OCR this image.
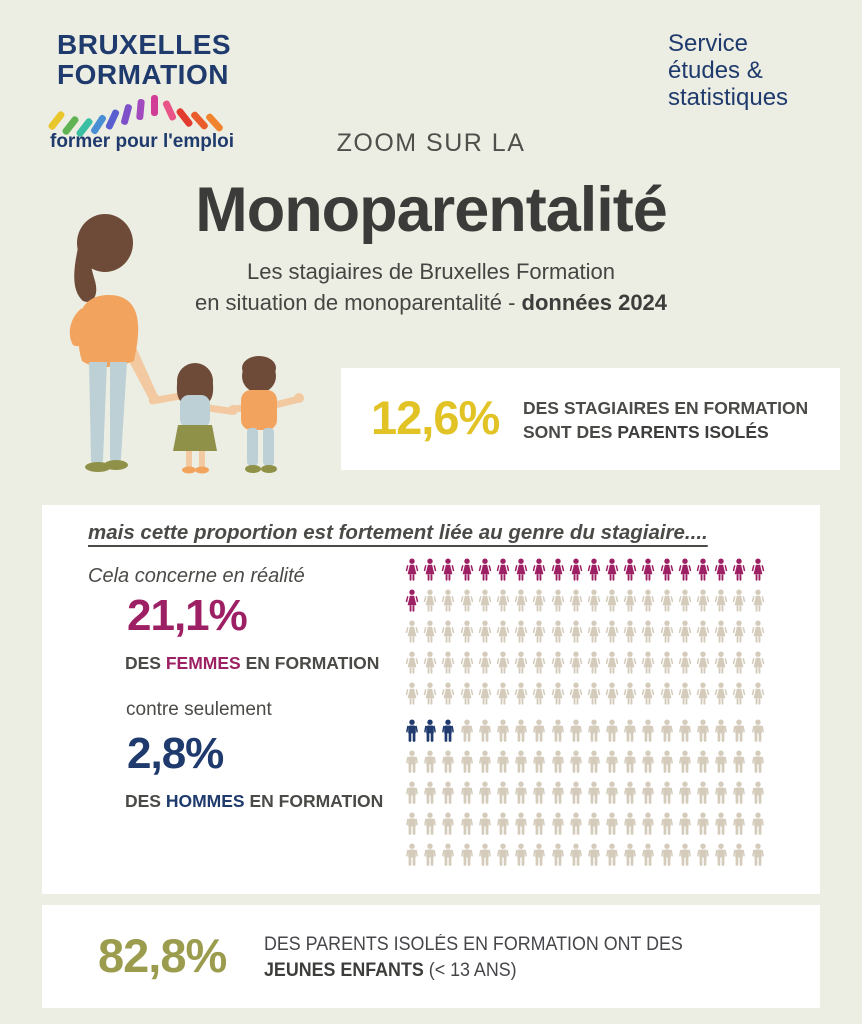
BRUXELLES
FORMATION
former pour l'emploi
Service
études &
statistiques
ZOOM SUR LA
Monoparentalité
Les stagiaires de Bruxelles Formation
en situation de monoparentalité - données 2024
12,6% DES STAGIAIRES EN FORMATION
SONT DES PARENTS ISOLÉS
mais cette proportion est fortement liée au genre du stagiaire....
Cela concerne en réalité
21,1%
DES FEMMES EN FORMATION
contre seulement
2,8%
DES HOMMES EN FORMATION
82,8% DES PARENTS ISOLÉS EN FORMATION ONT DES
JEUNES ENFANTS (< 13 ANS)
